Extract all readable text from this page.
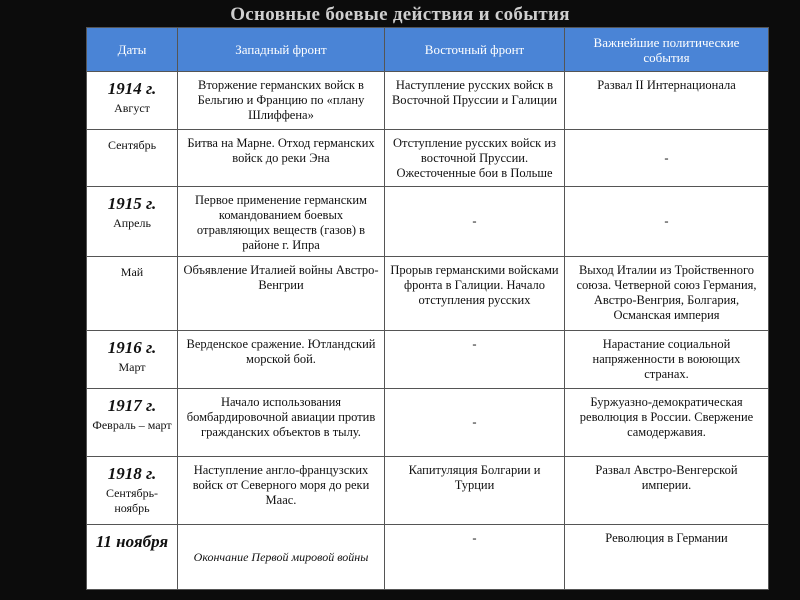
Основные боевые действия и события
Даты	Западный фронт	Восточный фронт	Важнейшие политические события

1914 г.
Август	Вторжение германских войск в Бельгию и Францию по «плану Шлиффена»	Наступление русских войск в Восточной Пруссии и Галиции	Развал II Интернационала

Сентябрь	Битва на Марне. Отход германских войск до реки Эна	Отступление русских войск из восточной Пруссии. Ожесточенные бои в Польше	-

1915 г.
Апрель	Первое применение германским командованием боевых отравляющих веществ (газов) в районе г. Ипра	-	-

Май	Объявление Италией войны Австро-Венгрии	Прорыв германскими войсками фронта в Галиции. Начало отступления русских	Выход Италии из Тройственного союза. Четверной союз Германия, Австро-Венгрия, Болгария, Османская империя

1916 г.
Март	Верденское сражение. Ютландский морской бой.	-	Нарастание социальной напряженности в воюющих странах.

1917 г.
Февраль – март	Начало использования бомбардировочной авиации против гражданских объектов в тылу.	-	Буржуазно-демократическая революция в России. Свержение самодержавия.

1918 г.
Сентябрь-ноябрь	Наступление англо-французских войск от Северного моря до реки Маас.	Капитуляция Болгарии и Турции	Развал Австро-Венгерской империи.

11 ноября	Окончание Первой мировой войны	-	Революция в Германии
